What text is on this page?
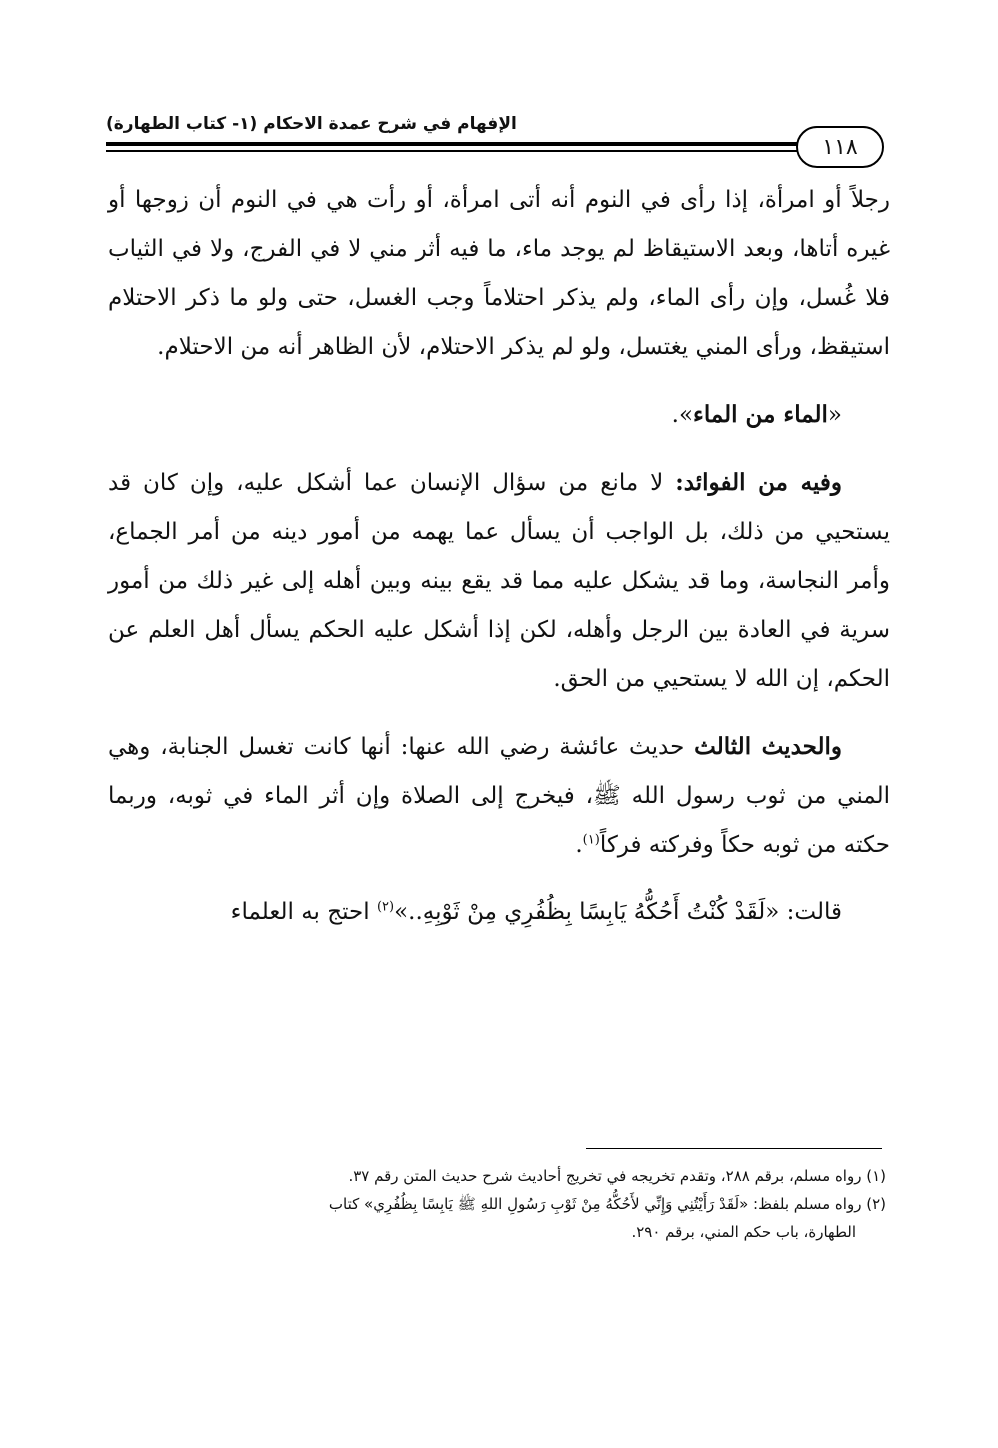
الإفهام في شرح عمدة الاحكام (١- كتاب الطهارة)
١١٨

رجلاً أو امرأة، إذا رأى في النوم أنه أتى امرأة، أو رأت هي في النوم أن زوجها أو غيره أتاها، وبعد الاستيقاظ لم يوجد ماء، ما فيه أثر مني لا في الفرج، ولا في الثياب فلا غُسل، وإن رأى الماء، ولم يذكر احتلاماً وجب الغسل، حتى ولو ما ذكر الاحتلام استيقظ، ورأى المني يغتسل، ولو لم يذكر الاحتلام، لأن الظاهر أنه من الاحتلام.

«الماء من الماء».

وفيه من الفوائد: لا مانع من سؤال الإنسان عما أشكل عليه، وإن كان قد يستحيي من ذلك، بل الواجب أن يسأل عما يهمه من أمور دينه من أمر الجماع، وأمر النجاسة، وما قد يشكل عليه مما قد يقع بينه وبين أهله إلى غير ذلك من أمور سرية في العادة بين الرجل وأهله، لكن إذا أشكل عليه الحكم يسأل أهل العلم عن الحكم، إن الله لا يستحيي من الحق.

والحديث الثالث حديث عائشة رضي الله عنها: أنها كانت تغسل الجنابة، وهي المني من ثوب رسول الله ﷺ، فيخرج إلى الصلاة وإن أثر الماء في ثوبه، وربما حكته من ثوبه حكاً وفركته فركاً$^{(١)}$.

قالت: «لَقَدْ كُنْتُ أَحُكُّهُ يَابِسًا بِظُفُرِي مِنْ ثَوْبِهِ..»$^{(٢)}$ احتج به العلماء

(١) رواه مسلم، برقم ٢٨٨، وتقدم تخريجه في تخريج أحاديث شرح حديث المتن رقم ٣٧.

(٢) رواه مسلم بلفظ: «لَقَدْ رَأَيْتُنِي وَإِنِّي لأَحُكُّهُ مِنْ ثَوْبِ رَسُولِ اللهِ ﷺ يَابِسًا بِظُفُرِي» كتاب

الطهارة، باب حكم المني، برقم ٢٩٠.
